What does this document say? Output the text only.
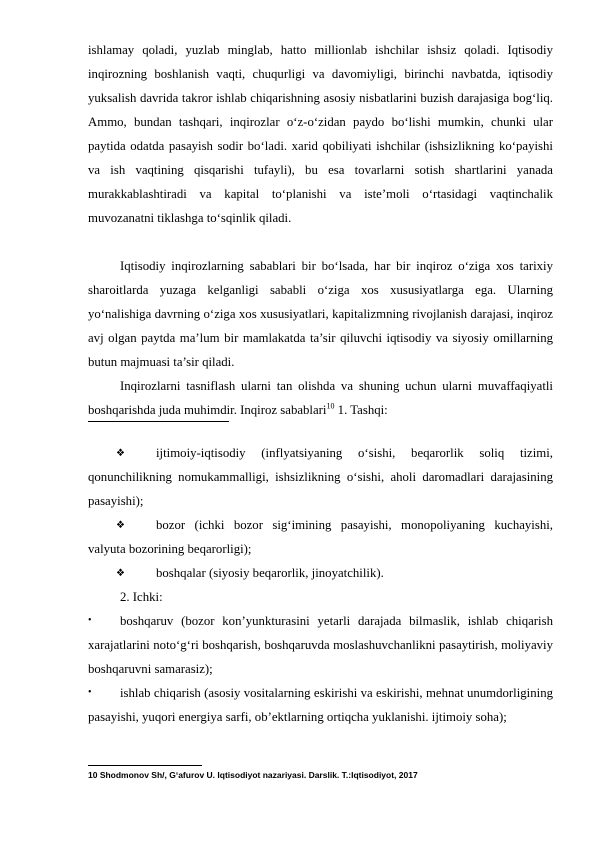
ishlamay qoladi, yuzlab minglab, hatto millionlab ishchilar ishsiz qoladi. Iqtisodiy inqirozning boshlanish vaqti, chuqurligi va davomiyligi, birinchi navbatda, iqtisodiy yuksalish davrida takror ishlab chiqarishning asosiy nisbatlarini buzish darajasiga bog‘liq. Ammo, bundan tashqari, inqirozlar o‘z-o‘zidan paydo bo‘lishi mumkin, chunki ular paytida odatda pasayish sodir bo‘ladi. xarid qobiliyati ishchilar (ishsizlikning ko‘payishi va ish vaqtining qisqarishi tufayli), bu esa tovarlarni sotish shartlarini yanada murakkablashtiradi va kapital to‘planishi va iste’moli o‘rtasidagi vaqtinchalik muvozanatni tiklashga to‘sqinlik qiladi.
Iqtisodiy inqirozlarning sabablari bir bo‘lsada, har bir inqiroz o‘ziga xos tarixiy sharoitlarda yuzaga kelganligi sababli o‘ziga xos xususiyatlarga ega. Ularning yo‘nalishiga davrning o‘ziga xos xususiyatlari, kapitalizmning rivojlanish darajasi, inqiroz avj olgan paytda ma’lum bir mamlakatda ta’sir qiluvchi iqtisodiy va siyosiy omillarning butun majmuasi ta’sir qiladi.
Inqirozlarni tasniflash ularni tan olishda va shuning uchun ularni muvaffaqiyatli boshqarishda juda muhimdir. Inqiroz sabablari$^{10}$ 1. Tashqi:
❖	ijtimoiy-iqtisodiy (inflyatsiyaning o‘sishi, beqarorlik soliq tizimi, qonunchilikning nomukammalligi, ishsizlikning o‘sishi, aholi daromadlari darajasining pasayishi);
❖	bozor (ichki bozor sig‘imining pasayishi, monopoliyaning kuchayishi, valyuta bozorining beqarorligi);
❖	boshqalar (siyosiy beqarorlik, jinoyatchilik).
2. Ichki:
•	boshqaruv (bozor kon’yunkturasini yetarli darajada bilmaslik, ishlab chiqarish xarajatlarini noto‘g‘ri boshqarish, boshqaruvda moslashuvchanlikni pasaytirish, moliyaviy boshqaruvni samarasiz);
•	ishlab chiqarish (asosiy vositalarning eskirishi va eskirishi, mehnat unumdorligining pasayishi, yuqori energiya sarfi, ob’ektlarning ortiqcha yuklanishi. ijtimoiy soha);
10 Shodmonov Sh/, G‘afurov U. Iqtisodiyot nazariyasi. Darslik. T.:Iqtisodiyot, 2017
